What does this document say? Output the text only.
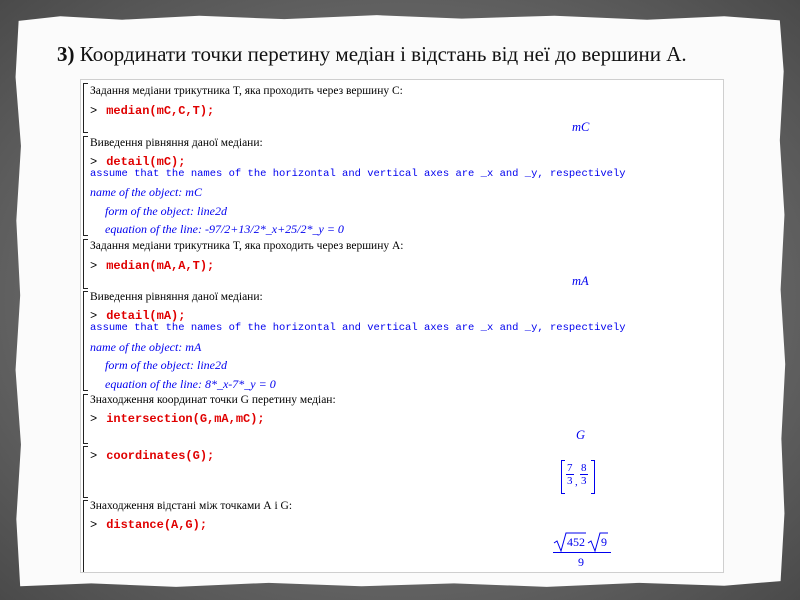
3) Координати точки перетину медіан і відстань від неї до вершини А.
Задання медіани трикутника T, яка проходить через вершину С:
> median(mC,C,T);
mC
Виведення рівняння даної медіани:
> detail(mC);
assume that the names of the horizontal and vertical axes are _x and _y, respectively
name of the object: mC
form of the object: line2d
equation of the line: -97/2+13/2*_x+25/2*_y = 0
Задання медіани трикутника T, яка проходить через вершину А:
> median(mA,A,T);
mA
Виведення рівняння даної медіани:
> detail(mA);
assume that the names of the horizontal and vertical axes are _x and _y, respectively
name of the object: mA
form of the object: line2d
equation of the line: 8*_x-7*_y = 0
Знаходження координат точки G перетину медіан:
> intersection(G,mA,mC);
G
> coordinates(G);
$\frac{7}{3}$ , $\frac{8}{3}$
Знаходження відстані між точками А і G:
> distance(A,G);
452 9
9
